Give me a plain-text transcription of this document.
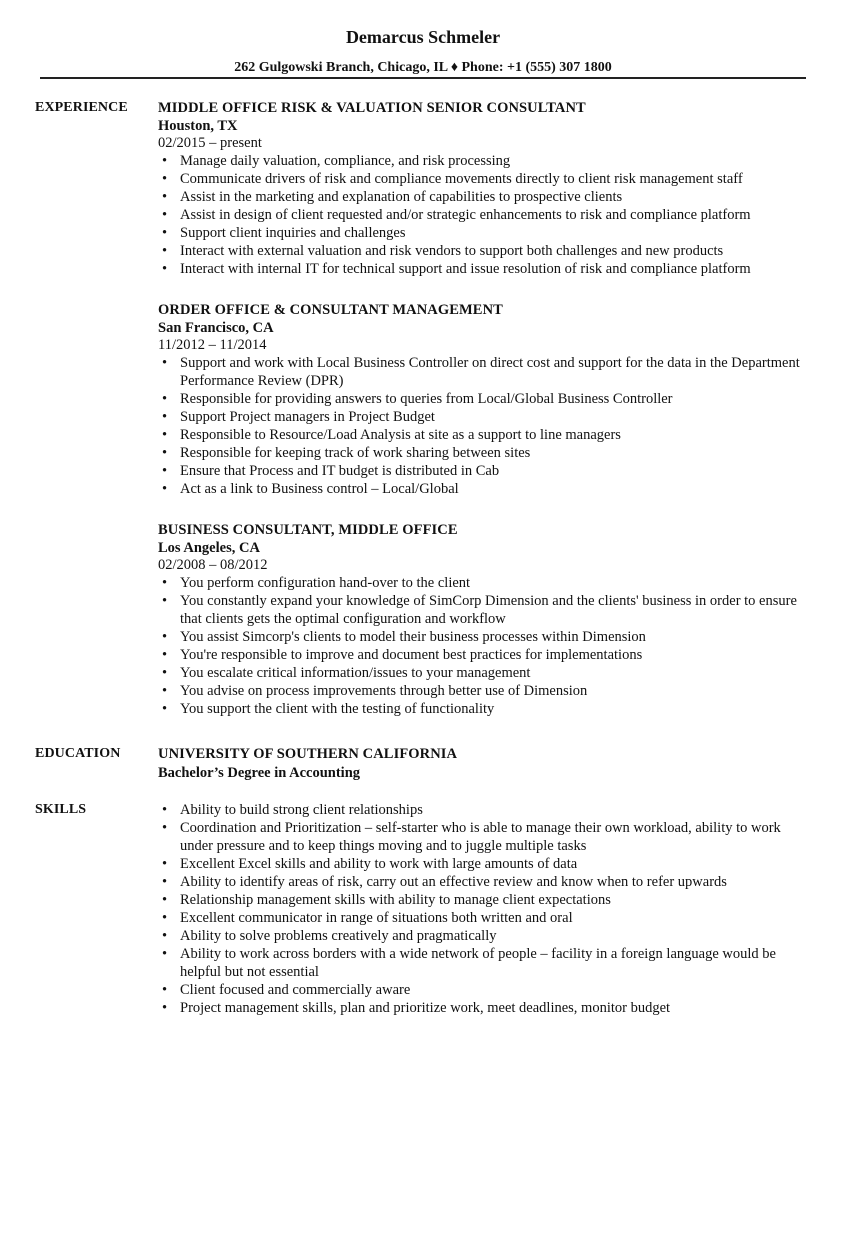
Demarcus Schmeler
262 Gulgowski Branch, Chicago, IL ♦ Phone: +1 (555) 307 1800
EXPERIENCE MIDDLE OFFICE RISK & VALUATION SENIOR CONSULTANT
Houston, TX
02/2015 – present
• Manage daily valuation, compliance, and risk processing
• Communicate drivers of risk and compliance movements directly to client risk management staff
• Assist in the marketing and explanation of capabilities to prospective clients
• Assist in design of client requested and/or strategic enhancements to risk and compliance platform
• Support client inquiries and challenges
• Interact with external valuation and risk vendors to support both challenges and new products
• Interact with internal IT for technical support and issue resolution of risk and compliance platform
ORDER OFFICE & CONSULTANT MANAGEMENT
San Francisco, CA
11/2012 – 11/2014
• Support and work with Local Business Controller on direct cost and support for the data in the Department Performance Review (DPR)
• Responsible for providing answers to queries from Local/Global Business Controller
• Support Project managers in Project Budget
• Responsible to Resource/Load Analysis at site as a support to line managers
• Responsible for keeping track of work sharing between sites
• Ensure that Process and IT budget is distributed in Cab
• Act as a link to Business control – Local/Global
BUSINESS CONSULTANT, MIDDLE OFFICE
Los Angeles, CA
02/2008 – 08/2012
• You perform configuration hand-over to the client
• You constantly expand your knowledge of SimCorp Dimension and the clients' business in order to ensure that clients gets the optimal configuration and workflow
• You assist Simcorp's clients to model their business processes within Dimension
• You're responsible to improve and document best practices for implementations
• You escalate critical information/issues to your management
• You advise on process improvements through better use of Dimension
• You support the client with the testing of functionality
EDUCATION	UNIVERSITY OF SOUTHERN CALIFORNIA
Bachelor’s Degree in Accounting
SKILLS
•	Ability to build strong client relationships
• Coordination and Prioritization – self-starter who is able to manage their own workload, ability to work under pressure and to keep things moving and to juggle multiple tasks
• Excellent Excel skills and ability to work with large amounts of data
• Ability to identify areas of risk, carry out an effective review and know when to refer upwards
• Relationship management skills with ability to manage client expectations
• Excellent communicator in range of situations both written and oral
• Ability to solve problems creatively and pragmatically
• Ability to work across borders with a wide network of people – facility in a foreign language would be helpful but not essential
• Client focused and commercially aware
• Project management skills, plan and prioritize work, meet deadlines, monitor budget
